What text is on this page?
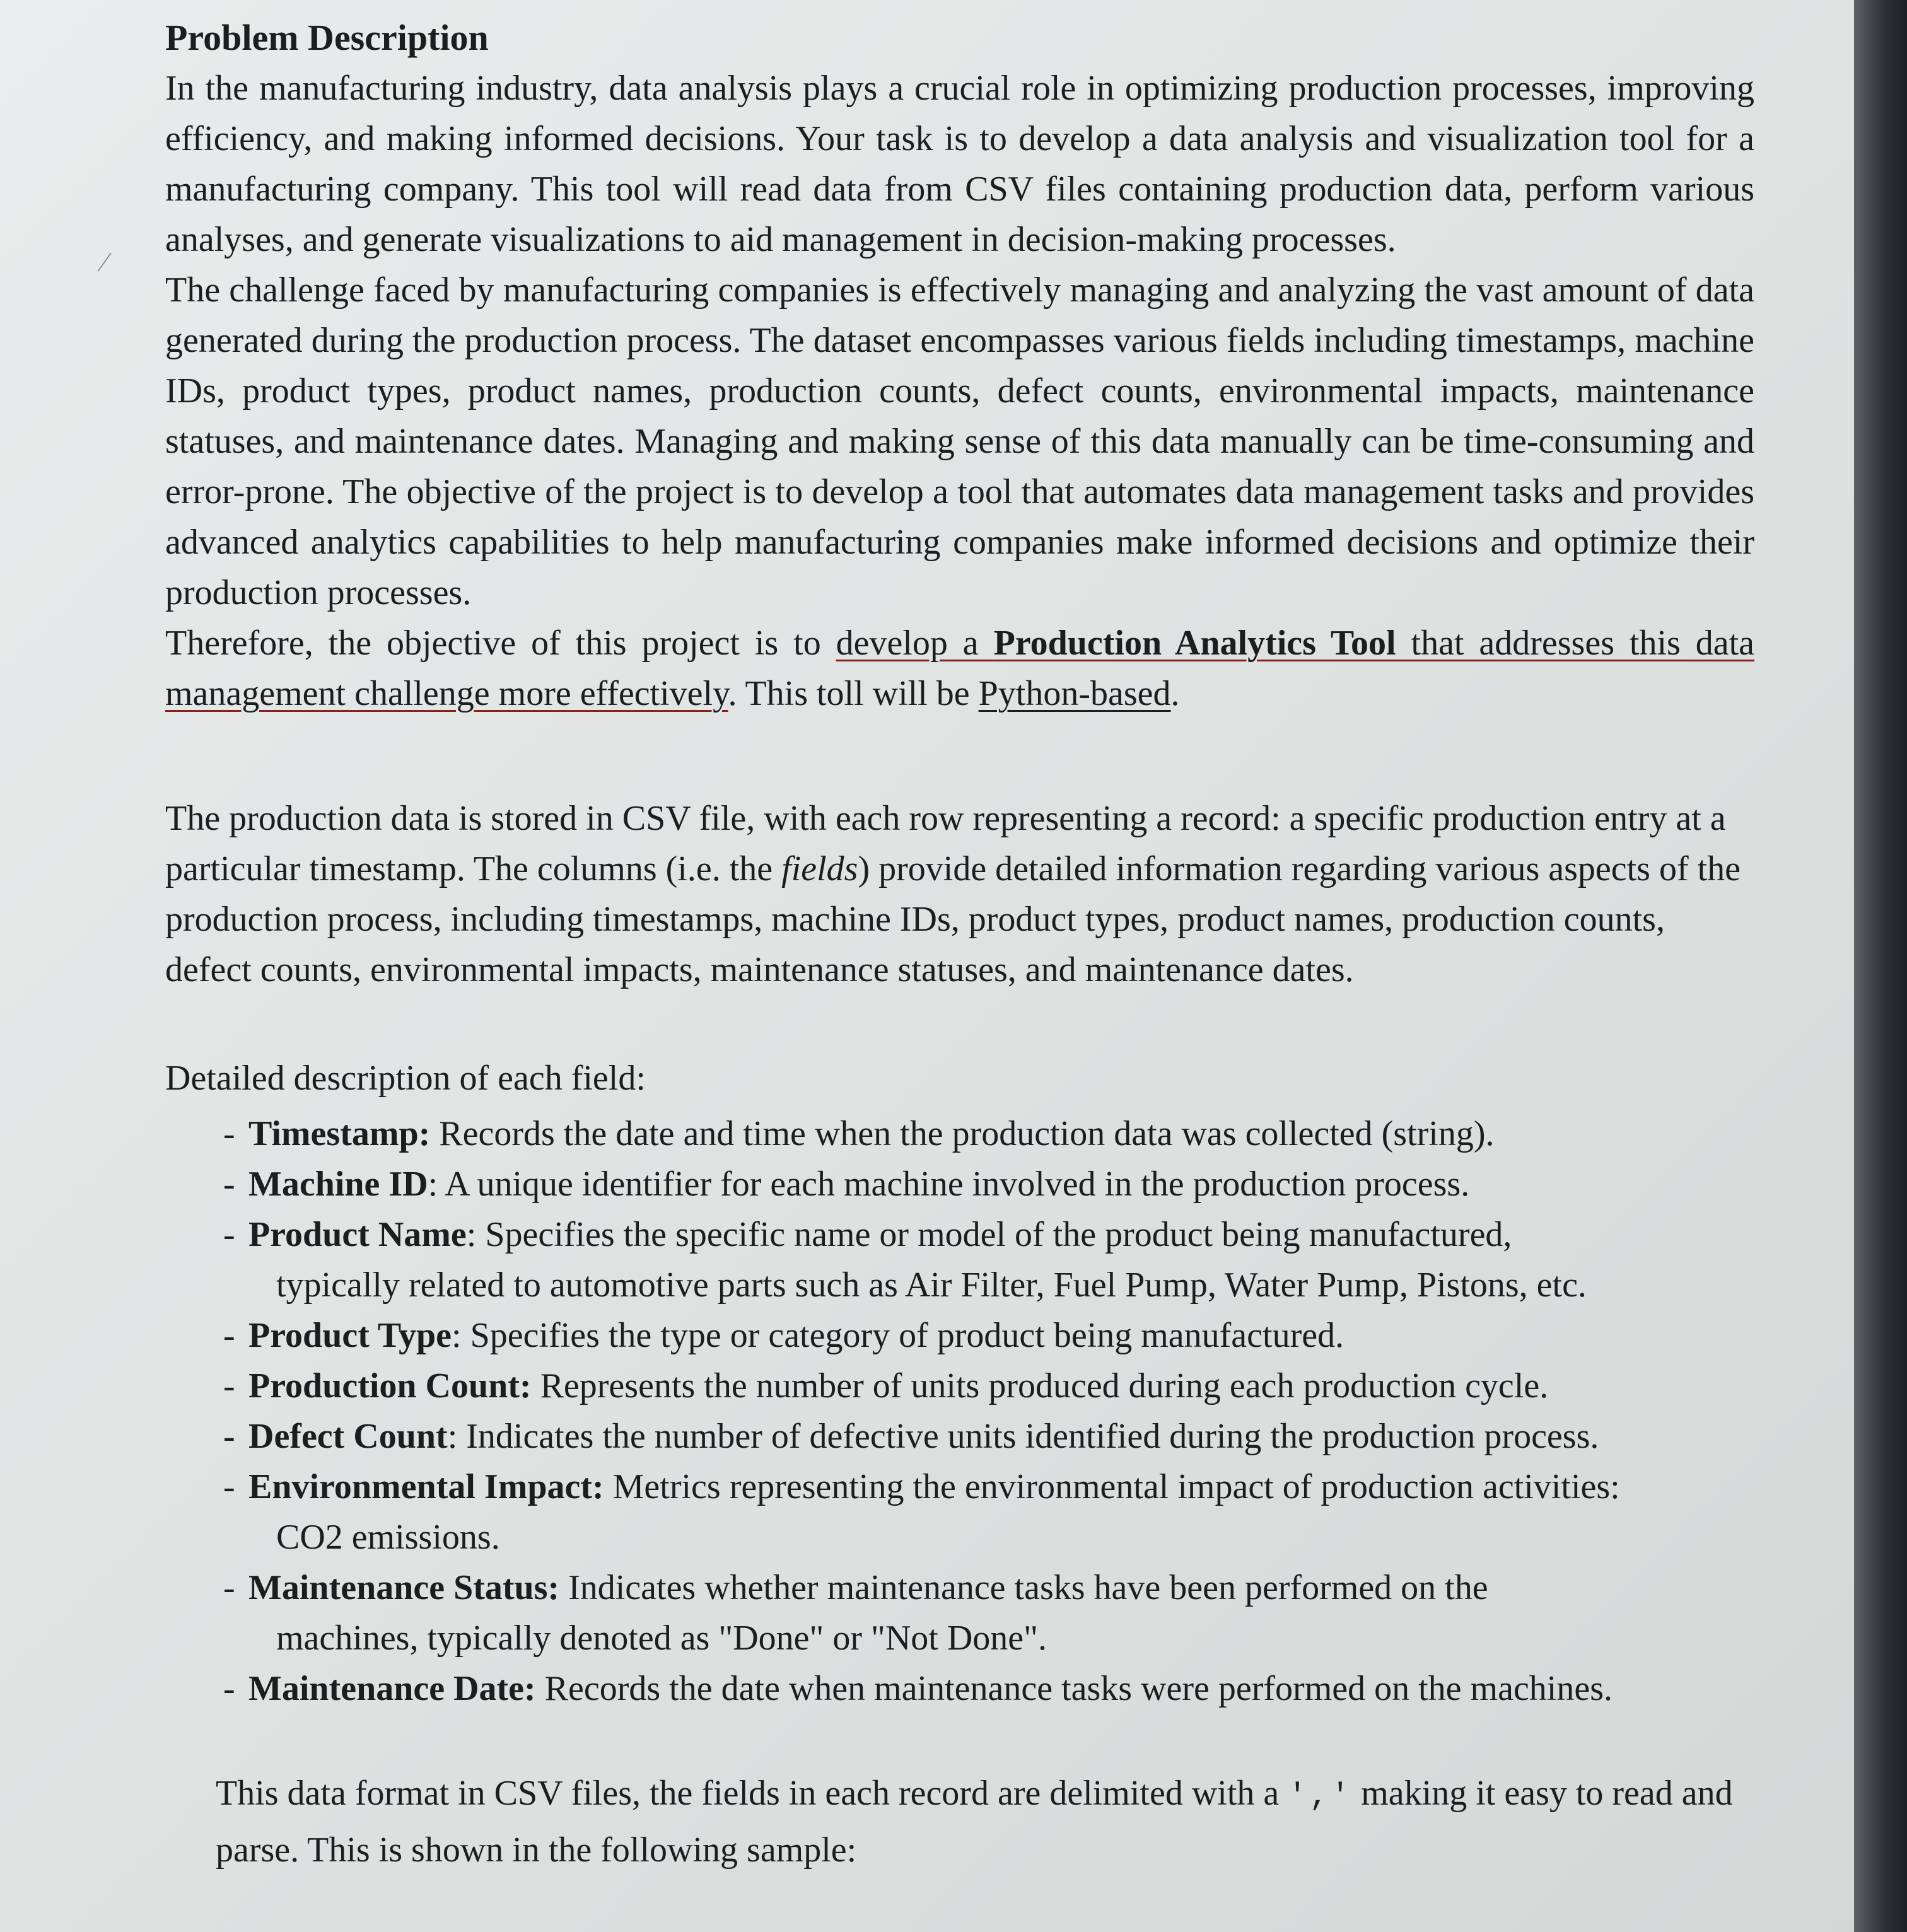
⁄
Problem Description

In the manufacturing industry, data analysis plays a crucial role in optimizing production processes, improving efficiency, and making informed decisions. Your task is to develop a data analysis and visualization tool for a manufacturing company. This tool will read data from CSV files containing production data, perform various analyses, and generate visualizations to aid management in decision-making processes.

The challenge faced by manufacturing companies is effectively managing and analyzing the vast amount of data generated during the production process. The dataset encompasses various fields including timestamps, machine IDs, product types, product names, production counts, defect counts, environmental impacts, maintenance statuses, and maintenance dates. Managing and making sense of this data manually can be time-consuming and error-prone. The objective of the project is to develop a tool that automates data management tasks and provides advanced analytics capabilities to help manufacturing companies make informed decisions and optimize their production processes.

Therefore, the objective of this project is to develop a Production Analytics Tool that addresses this data management challenge more effectively. This toll will be Python-based.

The production data is stored in CSV file, with each row representing a record: a specific production entry at a particular timestamp. The columns (i.e. the fields) provide detailed information regarding various aspects of the production process, including timestamps, machine IDs, product types, product names, production counts, defect counts, environmental impacts, maintenance statuses, and maintenance dates.

Detailed description of each field:

- Timestamp: Records the date and time when the production data was collected (string).
- Machine ID: A unique identifier for each machine involved in the production process.
- Product Name: Specifies the specific name or model of the product being manufactured,
typically related to automotive parts such as Air Filter, Fuel Pump, Water Pump, Pistons, etc.
- Product Type: Specifies the type or category of product being manufactured.
- Production Count: Represents the number of units produced during each production cycle.
- Defect Count: Indicates the number of defective units identified during the production process.
- Environmental Impact: Metrics representing the environmental impact of production activities:
CO2 emissions.
- Maintenance Status: Indicates whether maintenance tasks have been performed on the
machines, typically denoted as "Done" or "Not Done".
- Maintenance Date: Records the date when maintenance tasks were performed on the machines.

This data format in CSV files, the fields in each record are delimited with a ',' making it easy to read and parse. This is shown in the following sample:
